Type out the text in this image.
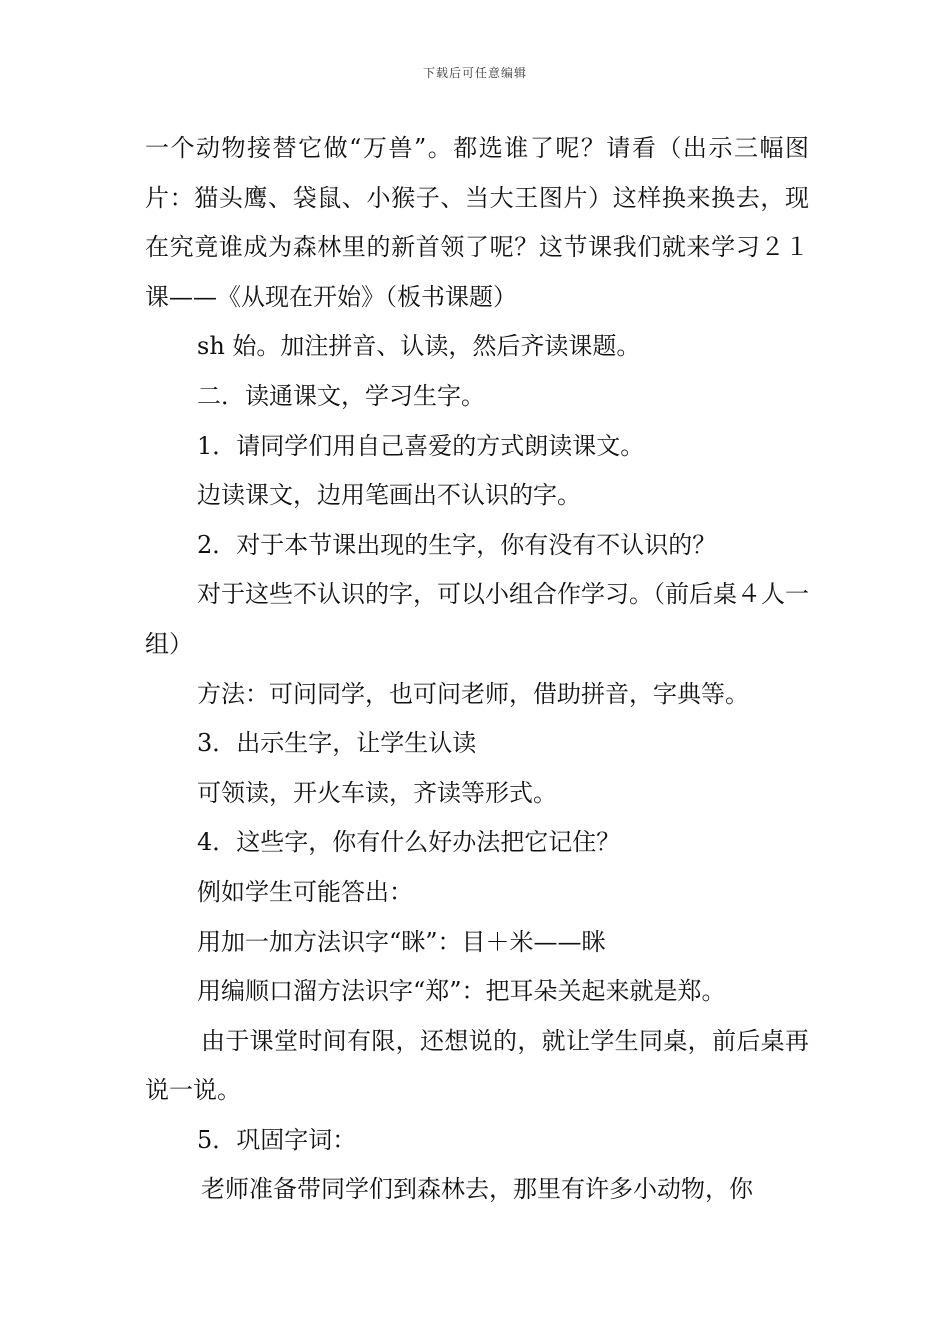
下载后可任意编辑

一个动物接替它做“万兽”。都选谁了呢？请看（出示三幅图片：猫头鹰、袋鼠、小猴子、当大王图片）这样换来换去，现在究竟谁成为森林里的新首领了呢？这节课我们就来学习２１课——《从现在开始》（板书课题）

sh 始。加注拼音、认读，然后齐读课题。

二．读通课文，学习生字。

1．请同学们用自己喜爱的方式朗读课文。

边读课文，边用笔画出不认识的字。

2．对于本节课出现的生字，你有没有不认识的？

对于这些不认识的字，可以小组合作学习。（前后桌４人一组）

方法：可问同学，也可问老师，借助拼音，字典等。

3．出示生字，让学生认读

可领读，开火车读，齐读等形式。

4．这些字，你有什么好办法把它记住？

例如学生可能答出：

用加一加方法识字“眯”：目＋米——眯

用编顺口溜方法识字“郑”：把耳朵关起来就是郑。

由于课堂时间有限，还想说的，就让学生同桌，前后桌再说一说。

5．巩固字词：

老师准备带同学们到森林去，那里有许多小动物，你
